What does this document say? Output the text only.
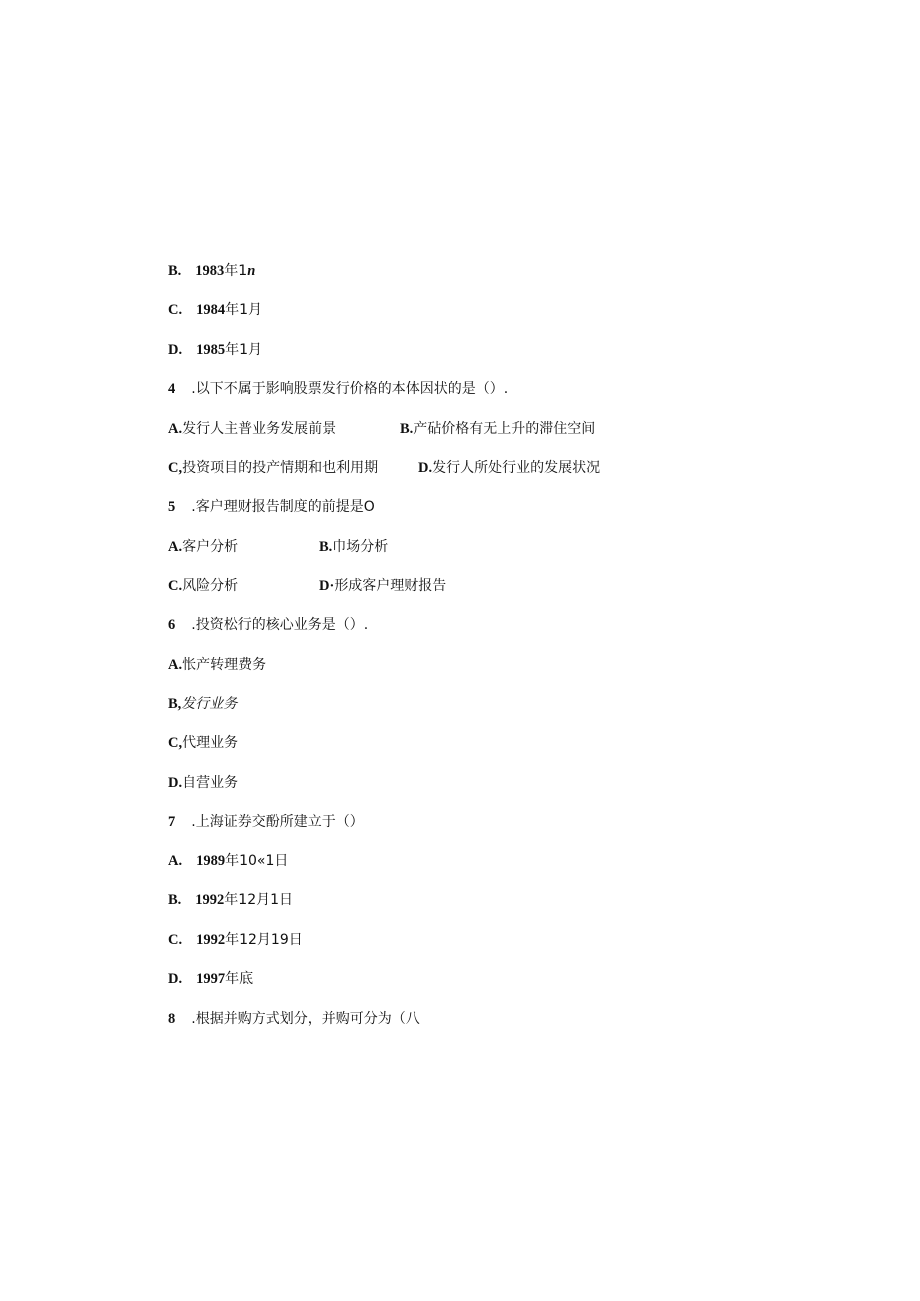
B. 1983年1n
C. 1984年1月
D. 1985年1月
4 .以下不属于影响股票发行价格的本体因状的是（）.
A.发行人主普业务发展前景	B.产砧价格有无上升的滞住空间
C,投资项目的投产情期和也利用期	D.发行人所处行业的发展状况
5 .客户理财报告制度的前提是O
A.客户分析	B.巾场分析
C.风险分析	D·形成客户理财报告
6 .投资松行的核心业务是（）.
A.怅产转理费务
B,发行业务
C,代理业务
D.自营业务
7 .上海证券交酚所建立于（）
A. 1989年10«1日
B. 1992年12月1日
C. 1992年12月19日
D. 1997年底
8 .根据并购方式划分，并购可分为（八
